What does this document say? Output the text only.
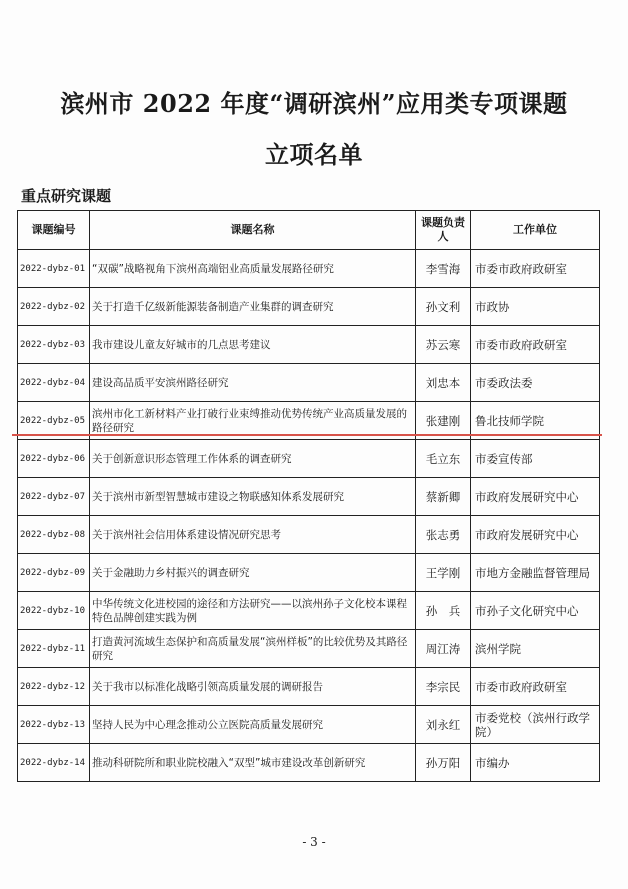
滨州市 2022 年度“调研滨州”应用类专项课题
立项名单
重点研究课题
课题编号	课题名称	课题负责人	工作单位
2022-dybz-01	“双碳”战略视角下滨州高端铝业高质量发展路径研究	李雪海	市委市政府政研室
2022-dybz-02	关于打造千亿级新能源装备制造产业集群的调查研究	孙文利	市政协
2022-dybz-03	我市建设儿童友好城市的几点思考建议	苏云寒	市委市政府政研室
2022-dybz-04	建设高品质平安滨州路径研究	刘忠本	市委政法委
2022-dybz-05	滨州市化工新材料产业打破行业束缚推动优势传统产业高质量发展的路径研究	张建刚	鲁北技师学院
2022-dybz-06	关于创新意识形态管理工作体系的调查研究	毛立东	市委宣传部
2022-dybz-07	关于滨州市新型智慧城市建设之物联感知体系发展研究	蔡新卿	市政府发展研究中心
2022-dybz-08	关于滨州社会信用体系建设情况研究思考	张志勇	市政府发展研究中心
2022-dybz-09	关于金融助力乡村振兴的调查研究	王学刚	市地方金融监督管理局
2022-dybz-10	中华传统文化进校园的途径和方法研究——以滨州孙子文化校本课程特色品牌创建实践为例	孙　兵	市孙子文化研究中心
2022-dybz-11	打造黄河流域生态保护和高质量发展“滨州样板”的比较优势及其路径研究	周江涛	滨州学院
2022-dybz-12	关于我市以标准化战略引领高质量发展的调研报告	李宗民	市委市政府政研室
2022-dybz-13	坚持人民为中心理念推动公立医院高质量发展研究	刘永红	市委党校（滨州行政学院）
2022-dybz-14	推动科研院所和职业院校融入“双型”城市建设改革创新研究	孙万阳	市编办
- 3 -
